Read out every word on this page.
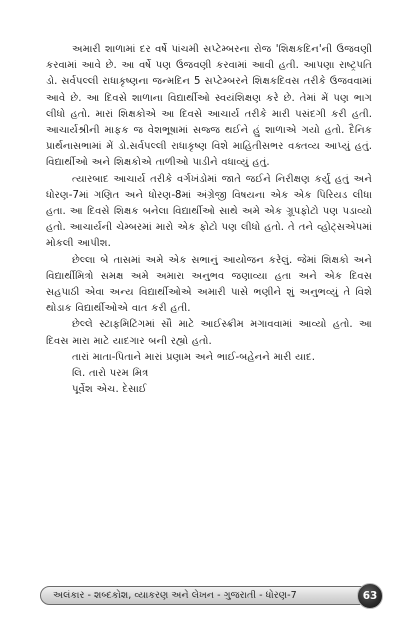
અમારી શાળામાં દર વર્ષે પાંચમી સપ્ટેમ્બરના રોજ 'શિક્ષકદિન'ની ઉજવણી કરવામાં આવે છે. આ વર્ષે પણ ઉજવણી કરવામાં આવી હતી. આપણા રાષ્ટ્રપતિ ડો. સર્વપલ્લી રાધાકૃષ્ણના જન્મદિન 5 સપ્ટેમ્બરને શિક્ષકદિવસ તરીકે ઉજવવામાં આવે છે. આ દિવસે શાળાના વિદ્યાર્થીઓ સ્વયંશિક્ષણ કરે છે. તેમાં મેં પણ ભાગ લીધો હતો. મારાં શિક્ષકોએ આ દિવસે આચાર્ય તરીકે મારી પસંદગી કરી હતી. આચાર્યશ્રીની માફક જ વેશભૂષામાં સજ્જ થઈને હું શાળાએ ગયો હતો. દૈનિક પ્રાર્થનાસભામાં મેં ડો.સર્વપલ્લી રાધાકૃષ્ણ વિશે માહિતીસભર વક્તવ્ય આપ્યું હતું. વિદ્યાર્થીઓ અને શિક્ષકોએ તાળીઓ પાડીને વધાવ્યું હતું.

ત્યારબાદ આચાર્ય તરીકે વર્ગખંડોમાં જાતે જઈને નિરીક્ષણ કર્યું હતું અને ધોરણ-7માં ગણિત અને ધોરણ-8માં અંગ્રેજી વિષયના એક એક પિરિયડ લીધા હતા. આ દિવસે શિક્ષક બનેલા વિદ્યાર્થીઓ સાથે અમે એક ગ્રૂપફોટો પણ પડાવ્યો હતો. આચાર્યની ચેમ્બરમાં મારો એક ફોટો પણ લીધો હતો. તે તને વ્હોટ્સએપમાં મોકલી આપીશ.

છેલ્લા બે તાસમાં અમે એક સભાનું આયોજન કરેલું. જેમાં શિક્ષકો અને વિદ્યાર્થીમિત્રો સમક્ષ અમે અમારા અનુભવ જણાવ્યા હતા અને એક દિવસ સહપાઠી એવા અન્ય વિદ્યાર્થીઓએ અમારી પાસે ભણીને શું અનુભવ્યું તે વિશે થોડાક વિદ્યાર્થીઓએ વાત કરી હતી.

છેલ્લે સ્ટાફમિટિંગમાં સૌ માટે આઈસ્ક્રીમ મગાવવામાં આવ્યો હતો. આ દિવસ મારા માટે યાદગાર બની રહ્યો હતો.

તારાં માતા-પિતાને મારાં પ્રણામ અને ભાઈ-બહેનને મારી યાદ.

લિ. તારો પરમ મિત્ર

પૂર્વેશ એચ. દેસાઈ

અલંકાર - શબ્દકોશ, વ્યાકરણ અને લેખન - ગુજરાતી - ધોરણ-7	63
